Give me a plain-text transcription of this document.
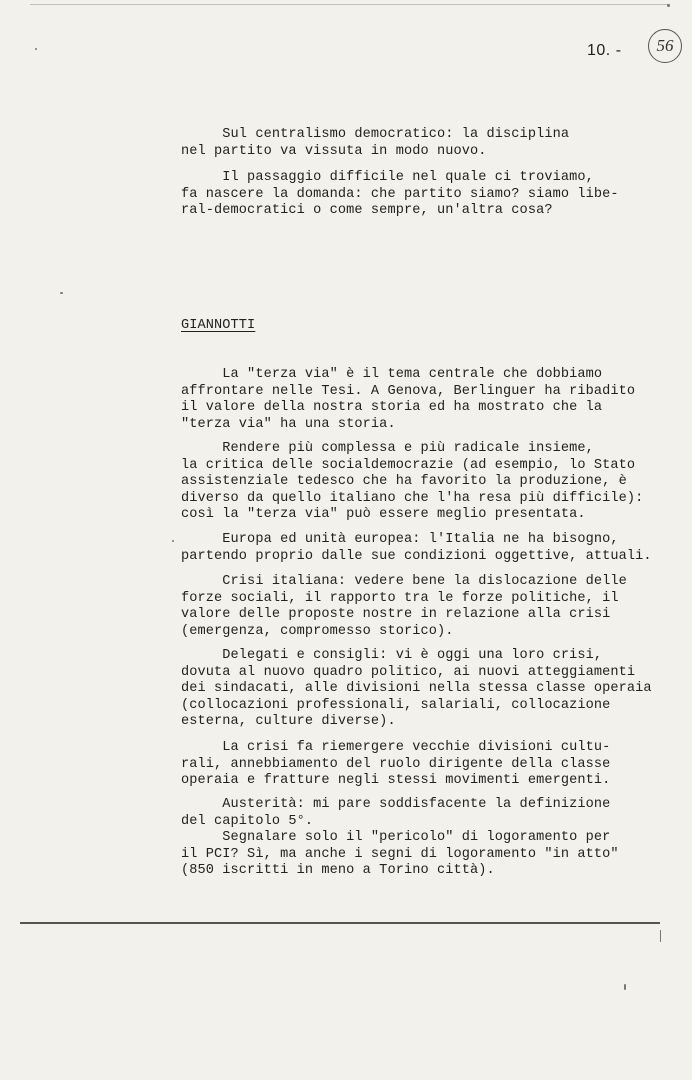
10. - 56
Sul centralismo democratico: la disciplina
nel partito va vissuta in modo nuovo.
Il passaggio difficile nel quale ci troviamo,
fa nascere la domanda: che partito siamo? siamo libe-
ral-democratici o come sempre, un'altra cosa?
GIANNOTTI
La "terza via" è il tema centrale che dobbiamo
affrontare nelle Tesi. A Genova, Berlinguer ha ribadito
il valore della nostra storia ed ha mostrato che la
"terza via" ha una storia.
Rendere più complessa e più radicale insieme,
la critica delle socialdemocrazie (ad esempio, lo Stato
assistenziale tedesco che ha favorito la produzione, è
diverso da quello italiano che l'ha resa più difficile):
così la "terza via" può essere meglio presentata.
Europa ed unità europea: l'Italia ne ha bisogno,
partendo proprio dalle sue condizioni oggettive, attuali.
Crisi italiana: vedere bene la dislocazione delle
forze sociali, il rapporto tra le forze politiche, il
valore delle proposte nostre in relazione alla crisi
(emergenza, compromesso storico).
Delegati e consigli: vi è oggi una loro crisi,
dovuta al nuovo quadro politico, ai nuovi atteggiamenti
dei sindacati, alle divisioni nella stessa classe operaia
(collocazioni professionali, salariali, collocazione
esterna, culture diverse).
La crisi fa riemergere vecchie divisioni cultu-
rali, annebbiamento del ruolo dirigente della classe
operaia e fratture negli stessi movimenti emergenti.
Austerità: mi pare soddisfacente la definizione
del capitolo 5°.
Segnalare solo il "pericolo" di logoramento per
il PCI? Sì, ma anche i segni di logoramento "in atto"
(850 iscritti in meno a Torino città).
